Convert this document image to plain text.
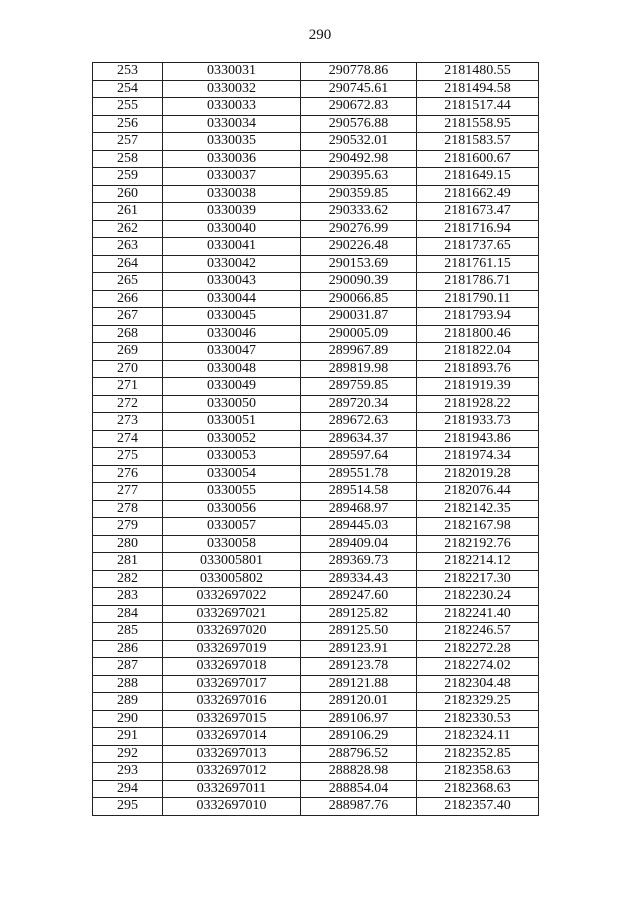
290
253	0330031	290778.86	2181480.55
254	0330032	290745.61	2181494.58
255	0330033	290672.83	2181517.44
256	0330034	290576.88	2181558.95
257	0330035	290532.01	2181583.57
258	0330036	290492.98	2181600.67
259	0330037	290395.63	2181649.15
260	0330038	290359.85	2181662.49
261	0330039	290333.62	2181673.47
262	0330040	290276.99	2181716.94
263	0330041	290226.48	2181737.65
264	0330042	290153.69	2181761.15
265	0330043	290090.39	2181786.71
266	0330044	290066.85	2181790.11
267	0330045	290031.87	2181793.94
268	0330046	290005.09	2181800.46
269	0330047	289967.89	2181822.04
270	0330048	289819.98	2181893.76
271	0330049	289759.85	2181919.39
272	0330050	289720.34	2181928.22
273	0330051	289672.63	2181933.73
274	0330052	289634.37	2181943.86
275	0330053	289597.64	2181974.34
276	0330054	289551.78	2182019.28
277	0330055	289514.58	2182076.44
278	0330056	289468.97	2182142.35
279	0330057	289445.03	2182167.98
280	0330058	289409.04	2182192.76
281	033005801	289369.73	2182214.12
282	033005802	289334.43	2182217.30
283	0332697022	289247.60	2182230.24
284	0332697021	289125.82	2182241.40
285	0332697020	289125.50	2182246.57
286	0332697019	289123.91	2182272.28
287	0332697018	289123.78	2182274.02
288	0332697017	289121.88	2182304.48
289	0332697016	289120.01	2182329.25
290	0332697015	289106.97	2182330.53
291	0332697014	289106.29	2182324.11
292	0332697013	288796.52	2182352.85
293	0332697012	288828.98	2182358.63
294	0332697011	288854.04	2182368.63
295	0332697010	288987.76	2182357.40
